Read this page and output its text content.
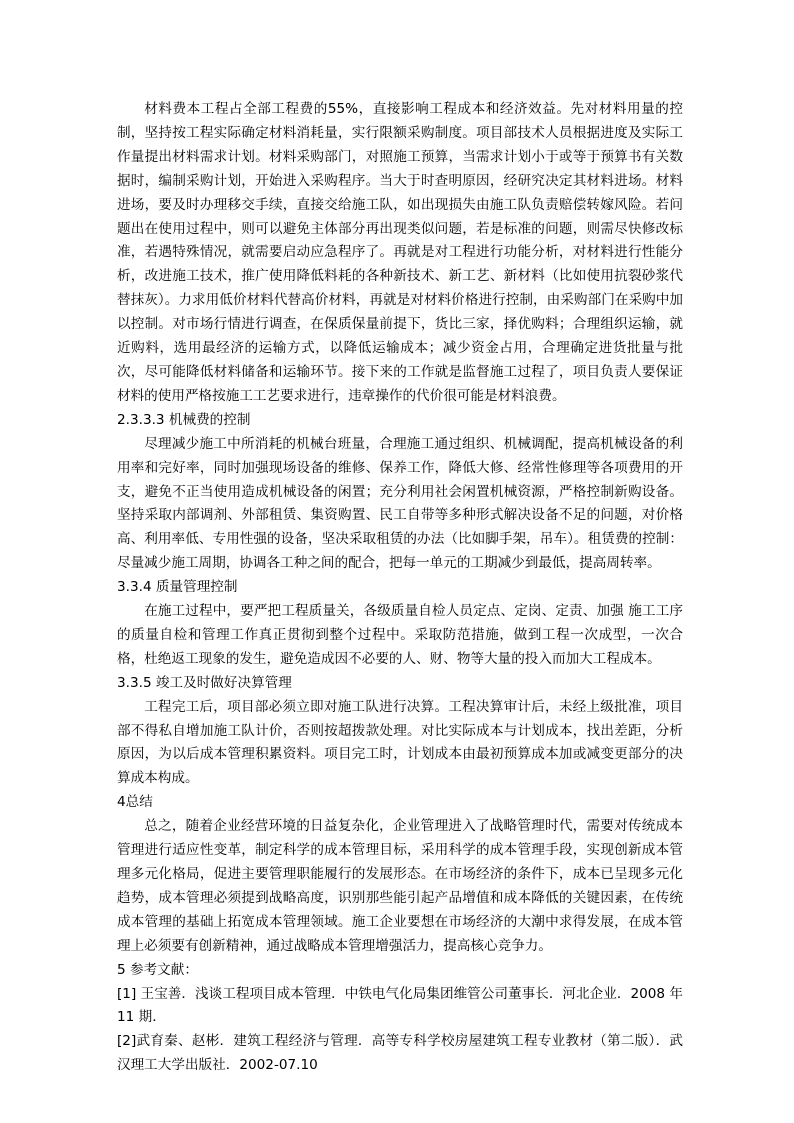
材料费本工程占全部工程费的55%，直接影响工程成本和经济效益。先对材料用量的控制，坚持按工程实际确定材料消耗量，实行限额采购制度。项目部技术人员根据进度及实际工作量提出材料需求计划。材料采购部门，对照施工预算，当需求计划小于或等于预算书有关数据时，编制采购计划，开始进入采购程序。当大于时查明原因，经研究决定其材料进场。材料进场，要及时办理移交手续，直接交给施工队，如出现损失由施工队负责赔偿转嫁风险。若问题出在使用过程中，则可以避免主体部分再出现类似问题，若是标准的问题，则需尽快修改标准，若遇特殊情况，就需要启动应急程序了。再就是对工程进行功能分析，对材料进行性能分析，改进施工技术，推广使用降低料耗的各种新技术、新工艺、新材料（比如使用抗裂砂浆代替抹灰）。力求用低价材料代替高价材料，再就是对材料价格进行控制，由采购部门在采购中加以控制。对市场行情进行调查，在保质保量前提下，货比三家，择优购料；合理组织运输，就近购料，选用最经济的运输方式，以降低运输成本；减少资金占用，合理确定进货批量与批次，尽可能降低材料储备和运输环节。接下来的工作就是监督施工过程了，项目负责人要保证材料的使用严格按施工工艺要求进行，违章操作的代价很可能是材料浪费。

2.3.3.3 机械费的控制

尽理减少施工中所消耗的机械台班量，合理施工通过组织、机械调配，提高机械设备的利用率和完好率，同时加强现场设备的维修、保养工作，降低大修、经常性修理等各项费用的开支，避免不正当使用造成机械设备的闲置；充分利用社会闲置机械资源，严格控制新购设备。坚持采取内部调剂、外部租赁、集资购置、民工自带等多种形式解决设备不足的问题，对价格高、利用率低、专用性强的设备，坚决采取租赁的办法（比如脚手架，吊车）。租赁费的控制：尽量减少施工周期，协调各工种之间的配合，把每一单元的工期减少到最低，提高周转率。

3.3.4 质量管理控制

在施工过程中，要严把工程质量关，各级质量自检人员定点、定岗、定责、加强 施工工序的质量自检和管理工作真正贯彻到整个过程中。采取防范措施，做到工程一次成型，一次合格，杜绝返工现象的发生，避免造成因不必要的人、财、物等大量的投入而加大工程成本。

3.3.5 竣工及时做好决算管理

工程完工后，项目部必须立即对施工队进行决算。工程决算审计后，未经上级批准，项目部不得私自增加施工队计价，否则按超拨款处理。对比实际成本与计划成本，找出差距，分析原因，为以后成本管理积累资料。项目完工时，计划成本由最初预算成本加或减变更部分的决算成本构成。

4总结

总之，随着企业经营环境的日益复杂化，企业管理进入了战略管理时代，需要对传统成本管理进行适应性变革，制定科学的成本管理目标，采用科学的成本管理手段，实现创新成本管理多元化格局，促进主要管理职能履行的发展形态。在市场经济的条件下，成本已呈现多元化趋势，成本管理必须提到战略高度，识别那些能引起产品增值和成本降低的关键因素，在传统成本管理的基础上拓宽成本管理领域。施工企业要想在市场经济的大潮中求得发展，在成本管理上必须要有创新精神，通过战略成本管理增强活力，提高核心竞争力。

5 参考文献：

[1] 王宝善．浅谈工程项目成本管理．中铁电气化局集团维管公司董事长．河北企业．2008 年 11 期．

[2]武育秦、赵彬．建筑工程经济与管理．高等专科学校房屋建筑工程专业教材（第二版）．武汉理工大学出版社．2002-07.10
